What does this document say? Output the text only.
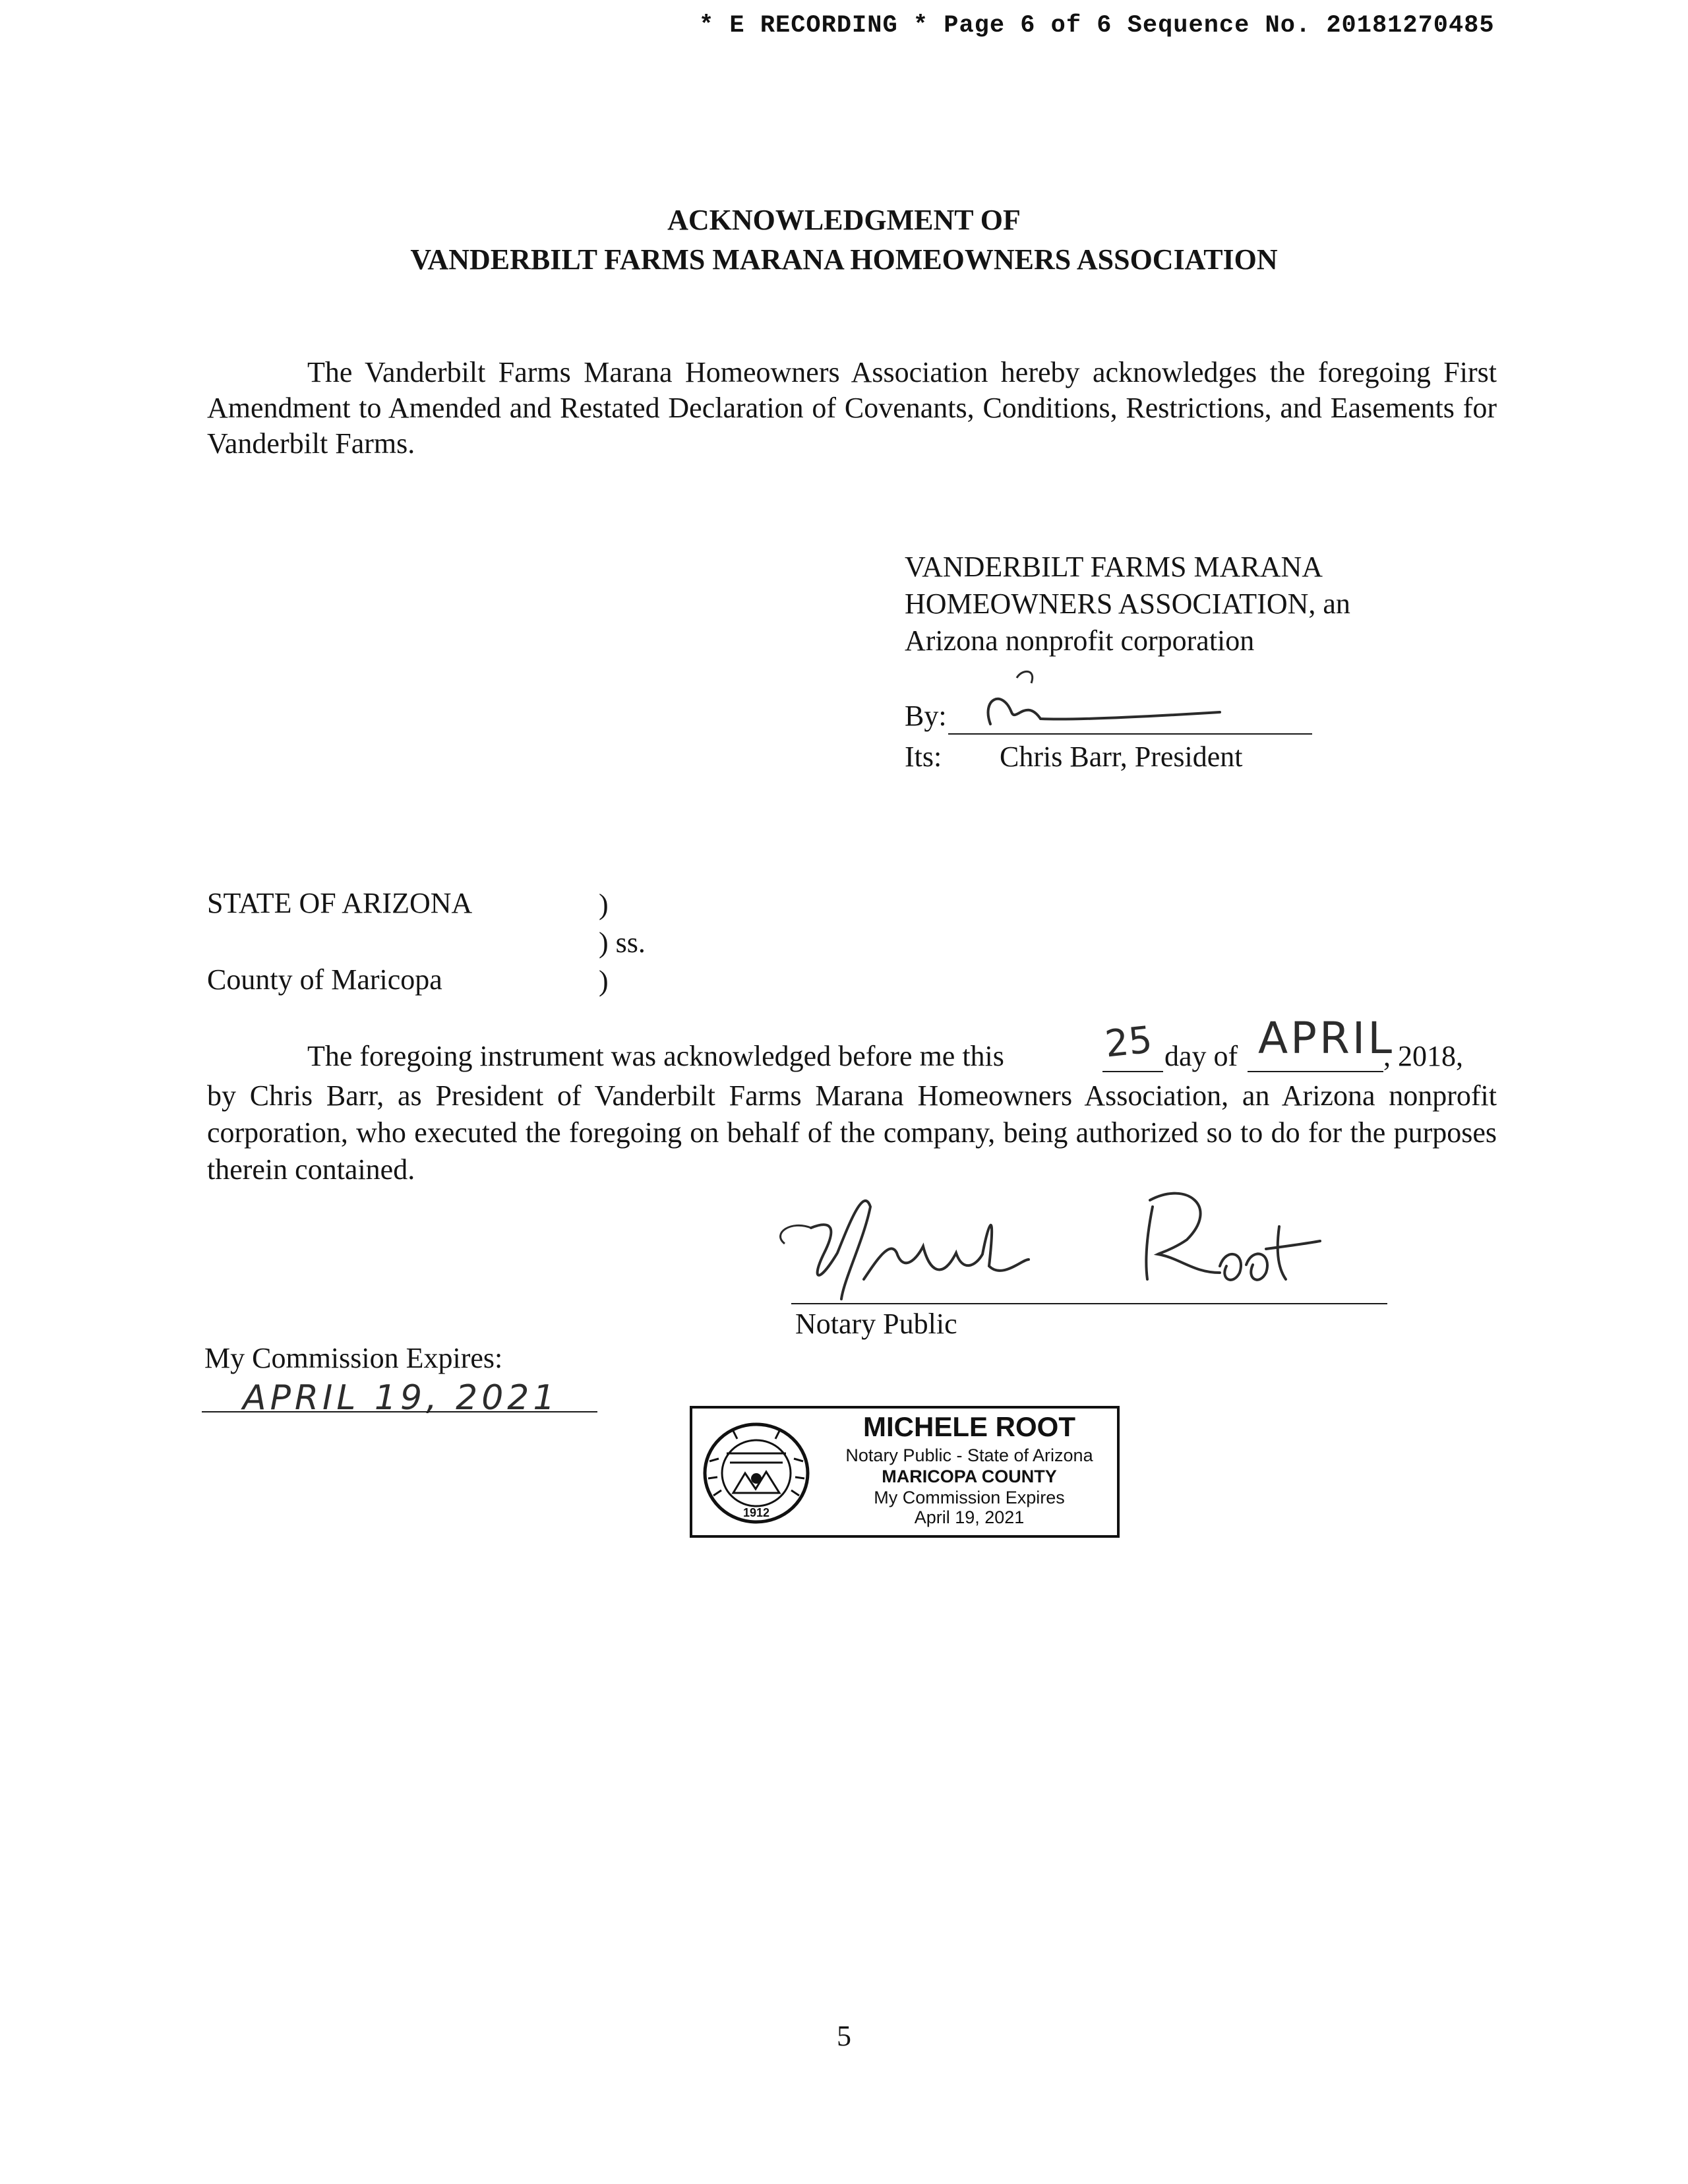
* E RECORDING * Page 6 of 6 Sequence No. 20181270485
ACKNOWLEDGMENT OF
VANDERBILT FARMS MARANA HOMEOWNERS ASSOCIATION
The Vanderbilt Farms Marana Homeowners Association hereby acknowledges the foregoing First Amendment to Amended and Restated Declaration of Covenants, Conditions, Restrictions, and Easements for Vanderbilt Farms.
VANDERBILT FARMS MARANA
HOMEOWNERS ASSOCIATION, an
Arizona nonprofit corporation
By:
Its: Chris Barr, President
STATE OF ARIZONA
County of Maricopa
)
) ss.
)
The foregoing instrument was acknowledged before me this	25 day of APRIL
, 2018,
by Chris Barr, as President of Vanderbilt Farms Marana Homeowners Association, an Arizona nonprofit corporation, who executed the foregoing on behalf of the company, being authorized so to do for the purposes therein contained.
Notary Public
My Commission Expires:
APRIL 19, 2021
1912
MICHELE ROOT
Notary Public - State of Arizona
MARICOPA COUNTY
My Commission Expires
April 19, 2021
5
